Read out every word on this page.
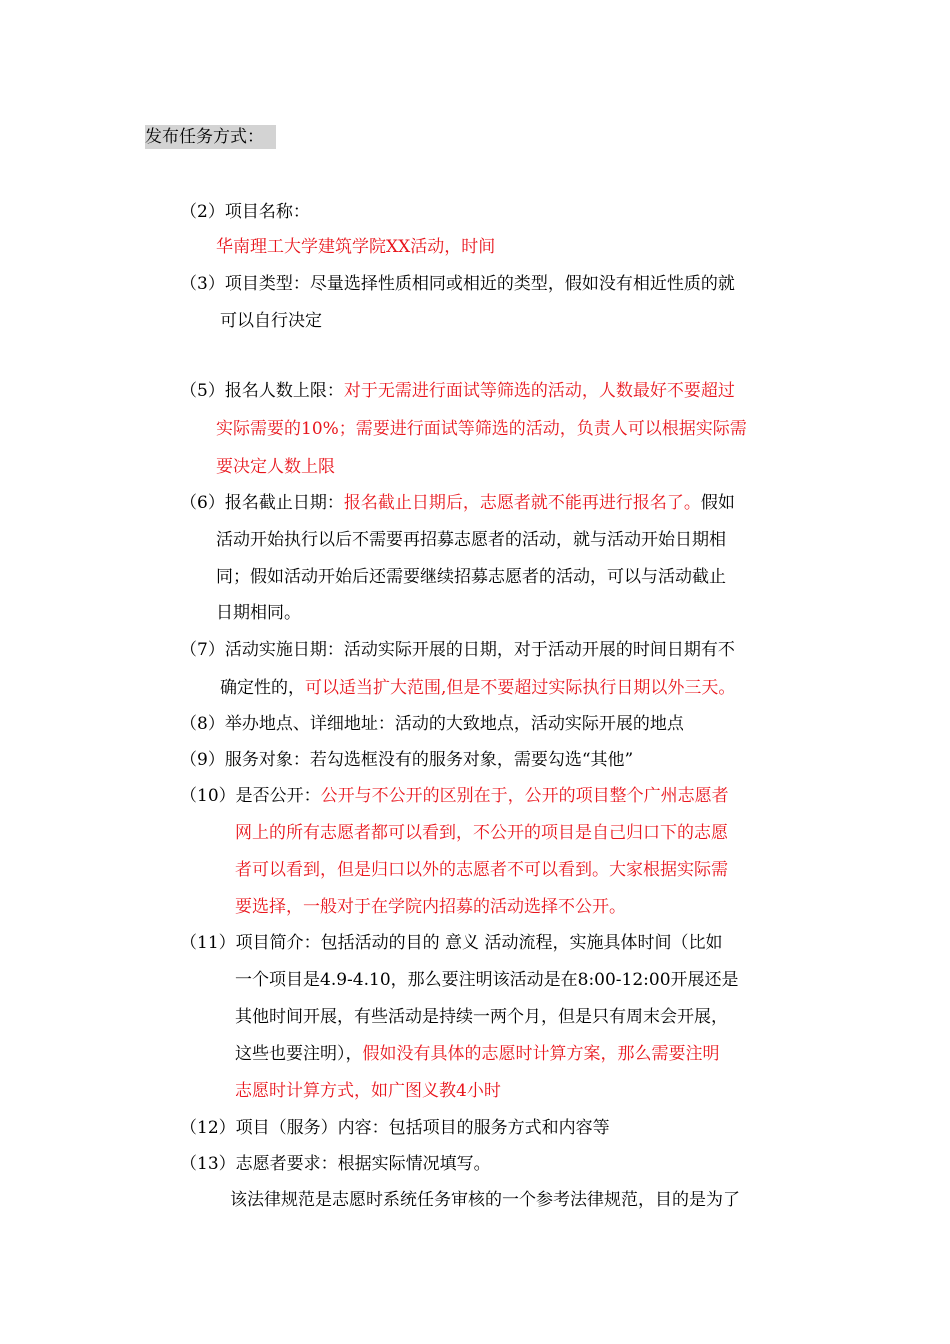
发布任务方式：
（2）项目名称：
华南理工大学建筑学院XX活动，时间
（3）项目类型：尽量选择性质相同或相近的类型，假如没有相近性质的就
可以自行决定
（5）报名人数上限：对于无需进行面试等筛选的活动，人数最好不要超过
实际需要的10%；需要进行面试等筛选的活动，负责人可以根据实际需
要决定人数上限
（6）报名截止日期：报名截止日期后，志愿者就不能再进行报名了。假如
活动开始执行以后不需要再招募志愿者的活动，就与活动开始日期相
同；假如活动开始后还需要继续招募志愿者的活动，可以与活动截止
日期相同。
（7）活动实施日期：活动实际开展的日期，对于活动开展的时间日期有不
确定性的，可以适当扩大范围,但是不要超过实际执行日期以外三天。
（8）举办地点、详细地址：活动的大致地点，活动实际开展的地点
（9）服务对象：若勾选框没有的服务对象，需要勾选“其他”
（10）是否公开：公开与不公开的区别在于，公开的项目整个广州志愿者
网上的所有志愿者都可以看到，不公开的项目是自己归口下的志愿
者可以看到，但是归口以外的志愿者不可以看到。大家根据实际需
要选择，一般对于在学院内招募的活动选择不公开。
（11）项目简介：包括活动的目的 意义 活动流程，实施具体时间（比如
一个项目是4.9-4.10，那么要注明该活动是在8:00-12:00开展还是
其他时间开展，有些活动是持续一两个月，但是只有周末会开展，
这些也要注明），假如没有具体的志愿时计算方案，那么需要注明
志愿时计算方式，如广图义教4小时
（12）项目（服务）内容：包括项目的服务方式和内容等
（13）志愿者要求：根据实际情况填写。
该法律规范是志愿时系统任务审核的一个参考法律规范，目的是为了
